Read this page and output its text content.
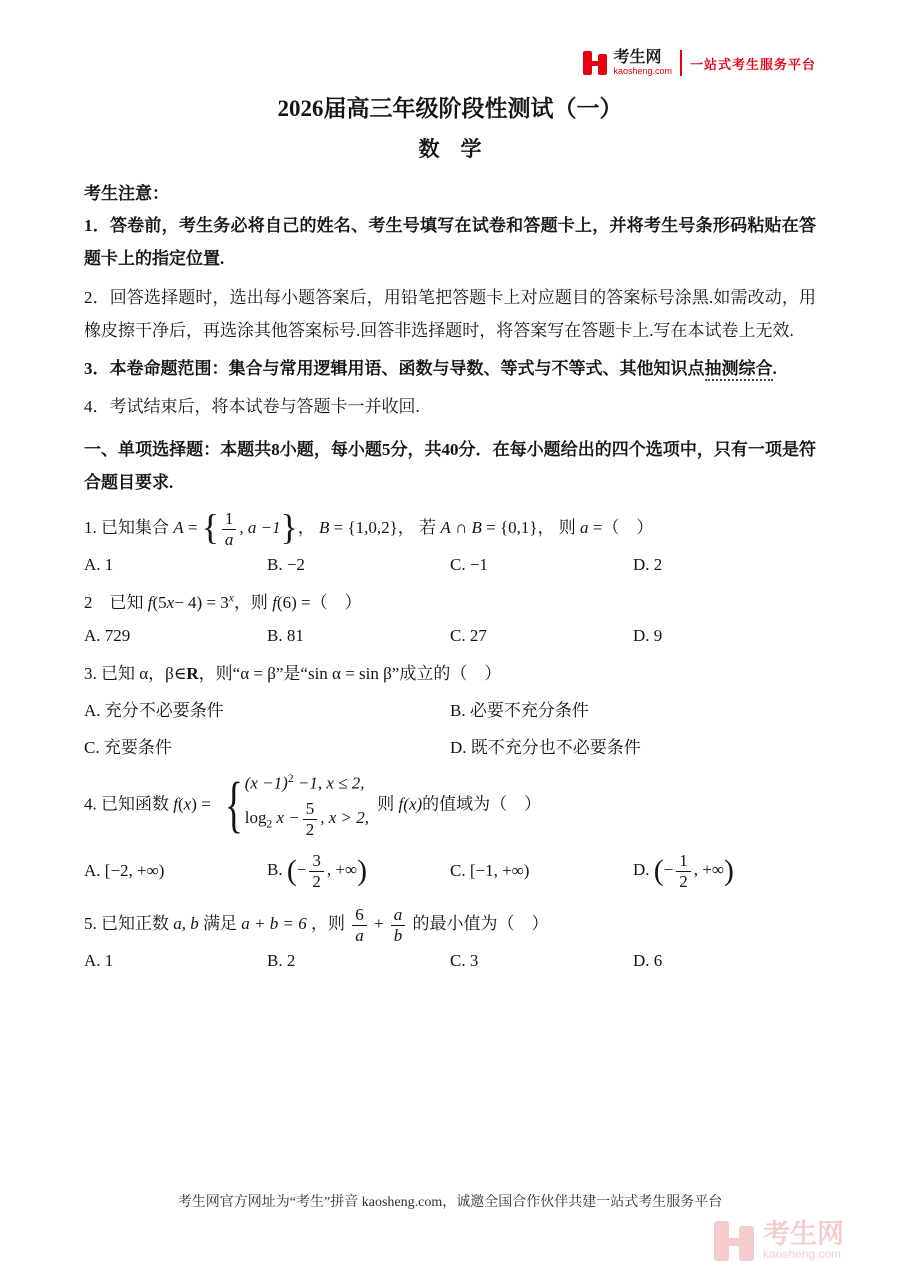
考生网
kaosheng.com 一站式考生服务平台
2026届高三年级阶段性测试（一）
数　学
考生注意：

1．答卷前，考生务必将自己的姓名、考生号填写在试卷和答题卡上，并将考生号条形码粘贴在答题卡上的指定位置.

2．回答选择题时，选出每小题答案后，用铅笔把答题卡上对应题目的答案标号涂黑.如需改动，用橡皮擦干净后，再选涂其他答案标号.回答非选择题时，将答案写在答题卡上.写在本试卷上无效.

3．本卷命题范围：集合与常用逻辑用语、函数与导数、等式与不等式、其他知识点抽测综合.

4．考试结束后，将本试卷与答题卡一并收回.

一、单项选择题：本题共8小题，每小题5分，共40分．在每小题给出的四个选项中，只有一项是符合题目要求.

1. 已知集合 A = { $\frac{1}{a}$ , a −1}， B = {1,0,2}， 若 A ∩ B = {0,1}， 则 a =（　）

A. 1	B. −2	C. −1	D. 2

2　已知 $f(5x- 4) = 3^x$，则 f(6) =（　）

A. 729	B. 81	C. 27	D. 9

3. 已知 α，β∈R，则“α = β”是“sin α = sin β”成立的（　）

A. 充分不必要条件	B. 必要不充分条件
C. 充要条件	D. 既不充分也不必要条件

4. 已知函数 f(x) = { $(x -1)^2 -1$, x ≤ 2,
$\log_2 x - \frac{5}{2}$ , x > 2,
则 f(x)的值域为（　）

A. [−2, +∞)	B. (− $\frac{3}{2}$ , +∞)	C. [−1, +∞)	D. (− $\frac{1}{2}$ , +∞)

5. 已知正数 a, b 满足 a + b = 6 ，则 $\frac{6}{a} + \frac{a}{b}$ 的最小值为（　）

A. 1	B. 2	C. 3	D. 6
考生网官方网址为“考生”拼音 kaosheng.com，诚邀全国合作伙伴共建一站式考生服务平台
考生网
kaosheng.com
